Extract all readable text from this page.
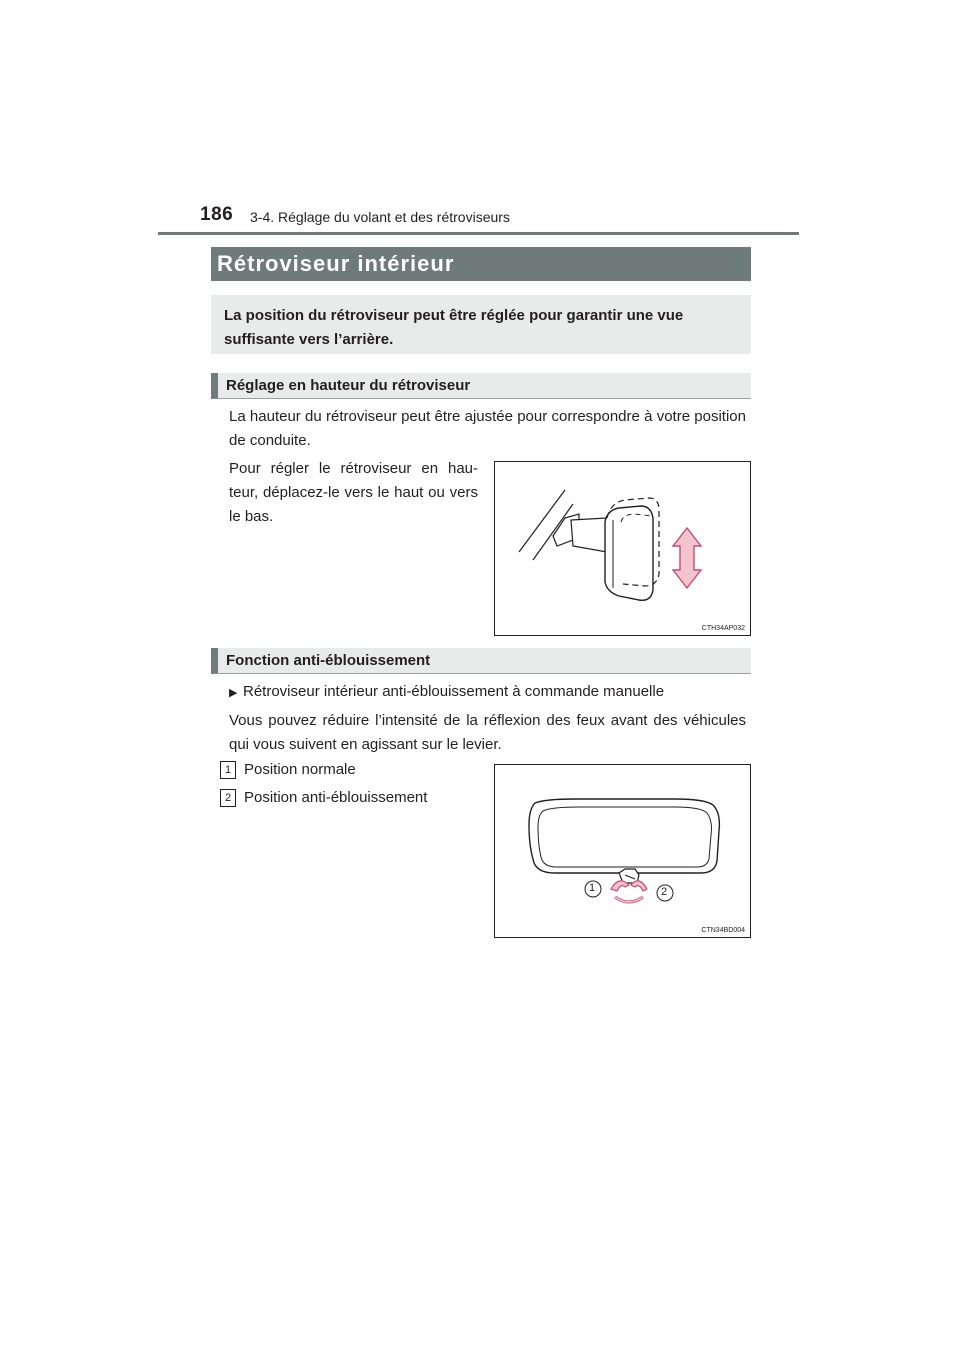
186 3-4. Réglage du volant et des rétroviseurs
Rétroviseur intérieur
La position du rétroviseur peut être réglée pour garantir une vue suffisante vers l’arrière.
Réglage en hauteur du rétroviseur
La hauteur du rétroviseur peut être ajustée pour correspondre à votre position de conduite.
Pour régler le rétroviseur en hau-teur, déplacez-le vers le haut ou vers le bas.
CTH34AP032
Fonction anti-éblouissement
▶ Rétroviseur intérieur anti-éblouissement à commande manuelle
Vous pouvez réduire l’intensité de la réflexion des feux avant des véhicules qui vous suivent en agissant sur le levier.
1 Position normale
2 Position anti-éblouissement
1	2
CTN34BD004
